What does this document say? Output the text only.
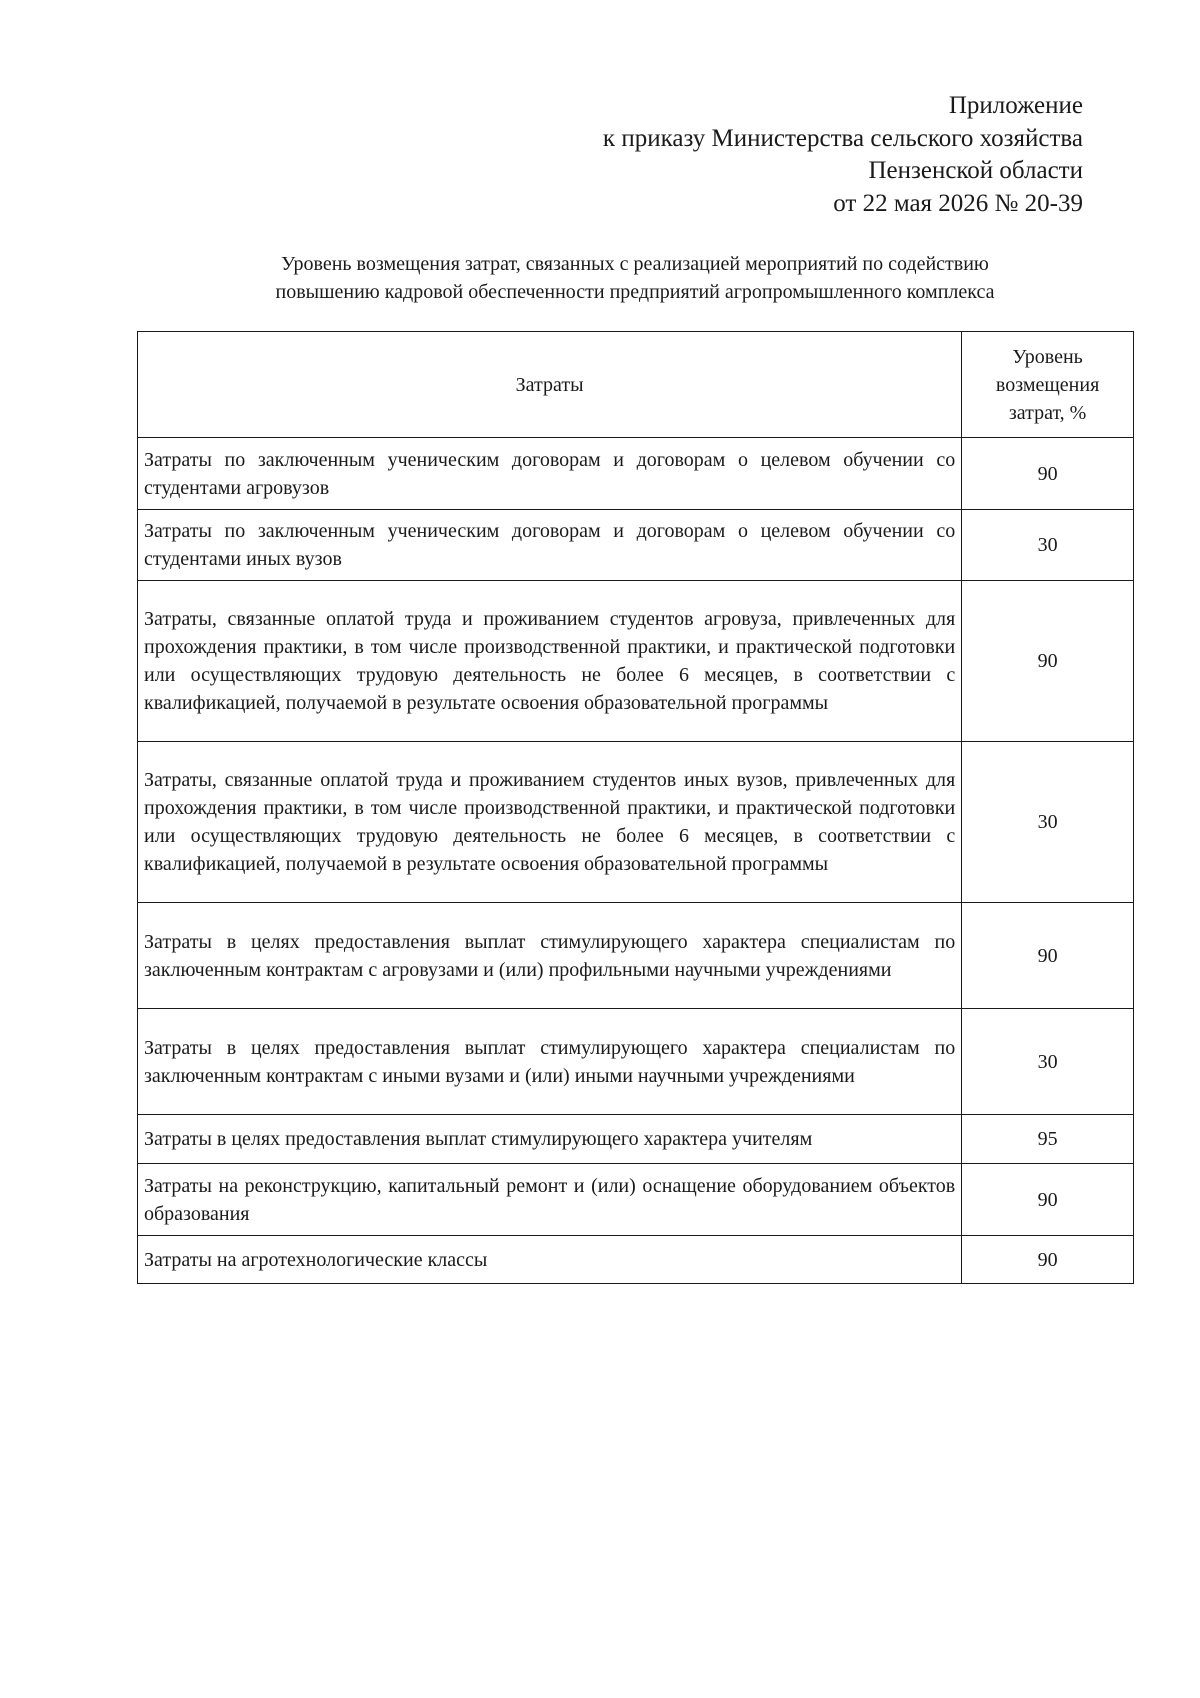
Приложение
к приказу Министерства сельского хозяйства
Пензенской области
от 22 мая 2026 № 20-39
Уровень возмещения затрат, связанных с реализацией мероприятий по содействию
повышению кадровой обеспеченности предприятий агропромышленного комплекса
Затраты	Уровень
возмещения
затрат, %

Затраты по заключенным ученическим договорам и договорам о целевом обучении со студентами агровузов	90

Затраты по заключенным ученическим договорам и договорам о целевом обучении со студентами иных вузов	30

Затраты, связанные оплатой труда и проживанием студентов агровуза, привлеченных для прохождения практики, в том числе производственной практики, и практической подготовки или осуществляющих трудовую деятельность не более 6 месяцев, в соответствии с квалификацией, получаемой в результате освоения образовательной программы	90

Затраты, связанные оплатой труда и проживанием студентов иных вузов, привлеченных для прохождения практики, в том числе производственной практики, и практической подготовки или осуществляющих трудовую деятельность не более 6 месяцев, в соответствии с квалификацией, получаемой в результате освоения образовательной программы	30

Затраты в целях предоставления выплат стимулирующего характера специалистам по заключенным контрактам с агровузами и (или) профильными научными учреждениями	90

Затраты в целях предоставления выплат стимулирующего характера специалистам по заключенным контрактам с иными вузами и (или) иными научными учреждениями	30

Затраты в целях предоставления выплат стимулирующего характера учителям	95

Затраты на реконструкцию, капитальный ремонт и (или) оснащение оборудованием объектов образования	90

Затраты на агротехнологические классы	90
